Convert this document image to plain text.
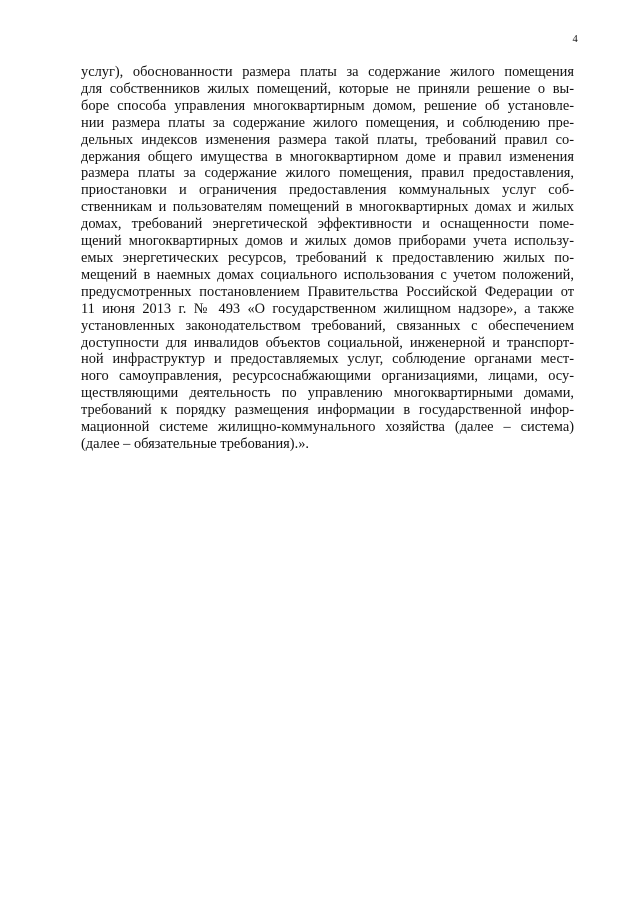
4
услуг), обоснованности размера платы за содержание жилого помещения
для собственников жилых помещений, которые не приняли решение о вы-
боре способа управления многоквартирным домом, решение об установле-
нии размера платы за содержание жилого помещения, и соблюдению пре-
дельных индексов изменения размера такой платы, требований правил со-
держания общего имущества в многоквартирном доме и правил изменения
размера платы за содержание жилого помещения, правил предоставления,
приостановки и ограничения предоставления коммунальных услуг соб-
ственникам и пользователям помещений в многоквартирных домах и жилых
домах, требований энергетической эффективности и оснащенности поме-
щений многоквартирных домов и жилых домов приборами учета использу-
емых энергетических ресурсов, требований к предоставлению жилых по-
мещений в наемных домах социального использования с учетом положений,
предусмотренных постановлением Правительства Российской Федерации от
11 июня 2013 г. № 493 «О государственном жилищном надзоре», а также
установленных законодательством требований, связанных с обеспечением
доступности для инвалидов объектов социальной, инженерной и транспорт-
ной инфраструктур и предоставляемых услуг, соблюдение органами мест-
ного самоуправления, ресурсоснабжающими организациями, лицами, осу-
ществляющими деятельность по управлению многоквартирными домами,
требований к порядку размещения информации в государственной инфор-
мационной системе жилищно-коммунального хозяйства (далее – система)
(далее – обязательные требования).».
